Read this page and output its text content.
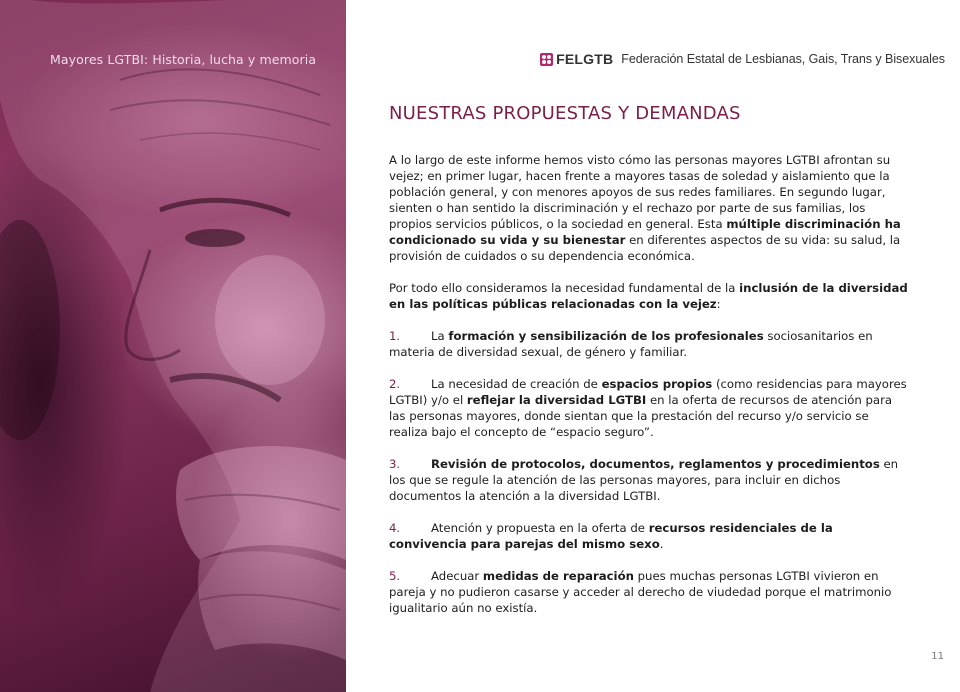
Mayores LGTBI: Historia, lucha y memoria	FELGTB Federación Estatal de Lesbianas, Gais, Trans y Bisexuales
NUESTRAS PROPUESTAS Y DEMANDAS

A lo largo de este informe hemos visto cómo las personas mayores LGTBI afrontan su vejez; en primer lugar, hacen frente a mayores tasas de soledad y aislamiento que la población general, y con menores apoyos de sus redes familiares. En segundo lugar, sienten o han sentido la discriminación y el rechazo por parte de sus familias, los propios servicios públicos, o la sociedad en general. Esta múltiple discriminación ha condicionado su vida y su bienestar en diferentes aspectos de su vida: su salud, la provisión de cuidados o su dependencia económica.

Por todo ello consideramos la necesidad fundamental de la inclusión de la diversidad en las políticas públicas relacionadas con la vejez:

1.	La formación y sensibilización de los profesionales sociosanitarios en materia de diversidad sexual, de género y familiar.

2.	La necesidad de creación de espacios propios (como residencias para mayores LGTBI) y/o el reflejar la diversidad LGTBI en la oferta de recursos de atención para las personas mayores, donde sientan que la prestación del recurso y/o servicio se realiza bajo el concepto de “espacio seguro”.

3.	Revisión de protocolos, documentos, reglamentos y procedimientos en los que se regule la atención de las personas mayores, para incluir en dichos documentos la atención a la diversidad LGTBI.

4.	Atención y propuesta en la oferta de recursos residenciales de la convivencia para parejas del mismo sexo.

5.	Adecuar medidas de reparación pues muchas personas LGTBI vivieron en pareja y no pudieron casarse y acceder al derecho de viudedad porque el matrimonio igualitario aún no existía.

11
